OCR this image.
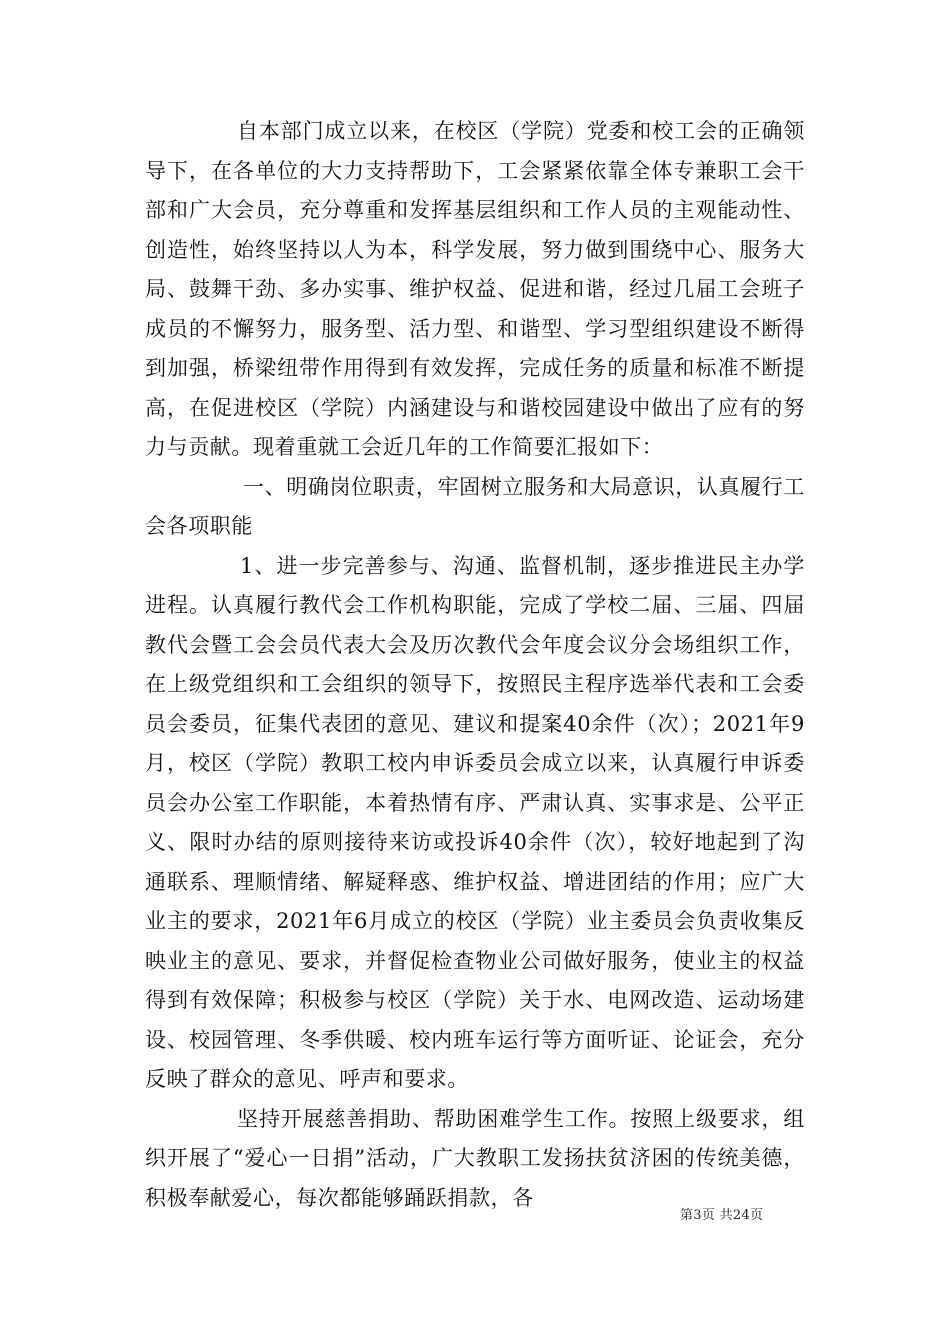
自本部门成立以来，在校区（学院）党委和校工会的正确领导下，在各单位的大力支持帮助下，工会紧紧依靠全体专兼职工会干部和广大会员，充分尊重和发挥基层组织和工作人员的主观能动性、创造性，始终坚持以人为本，科学发展，努力做到围绕中心、服务大局、鼓舞干劲、多办实事、维护权益、促进和谐，经过几届工会班子成员的不懈努力，服务型、活力型、和谐型、学习型组织建设不断得到加强，桥梁纽带作用得到有效发挥，完成任务的质量和标准不断提高，在促进校区（学院）内涵建设与和谐校园建设中做出了应有的努力与贡献。现着重就工会近几年的工作简要汇报如下：

一、明确岗位职责，牢固树立服务和大局意识，认真履行工会各项职能

1、进一步完善参与、沟通、监督机制，逐步推进民主办学进程。认真履行教代会工作机构职能，完成了学校二届、三届、四届教代会暨工会会员代表大会及历次教代会年度会议分会场组织工作，在上级党组织和工会组织的领导下，按照民主程序选举代表和工会委员会委员，征集代表团的意见、建议和提案40余件（次）；2021年9月，校区（学院）教职工校内申诉委员会成立以来，认真履行申诉委员会办公室工作职能，本着热情有序、严肃认真、实事求是、公平正义、限时办结的原则接待来访或投诉40余件（次），较好地起到了沟通联系、理顺情绪、解疑释惑、维护权益、增进团结的作用；应广大业主的要求，2021年6月成立的校区（学院）业主委员会负责收集反映业主的意见、要求，并督促检查物业公司做好服务，使业主的权益得到有效保障；积极参与校区（学院）关于水、电网改造、运动场建设、校园管理、冬季供暖、校内班车运行等方面听证、论证会，充分反映了群众的意见、呼声和要求。

坚持开展慈善捐助、帮助困难学生工作。按照上级要求，组织开展了“爱心一日捐”活动，广大教职工发扬扶贫济困的传统美德，积极奉献爱心，每次都能够踊跃捐款，各

第3页 共24页
